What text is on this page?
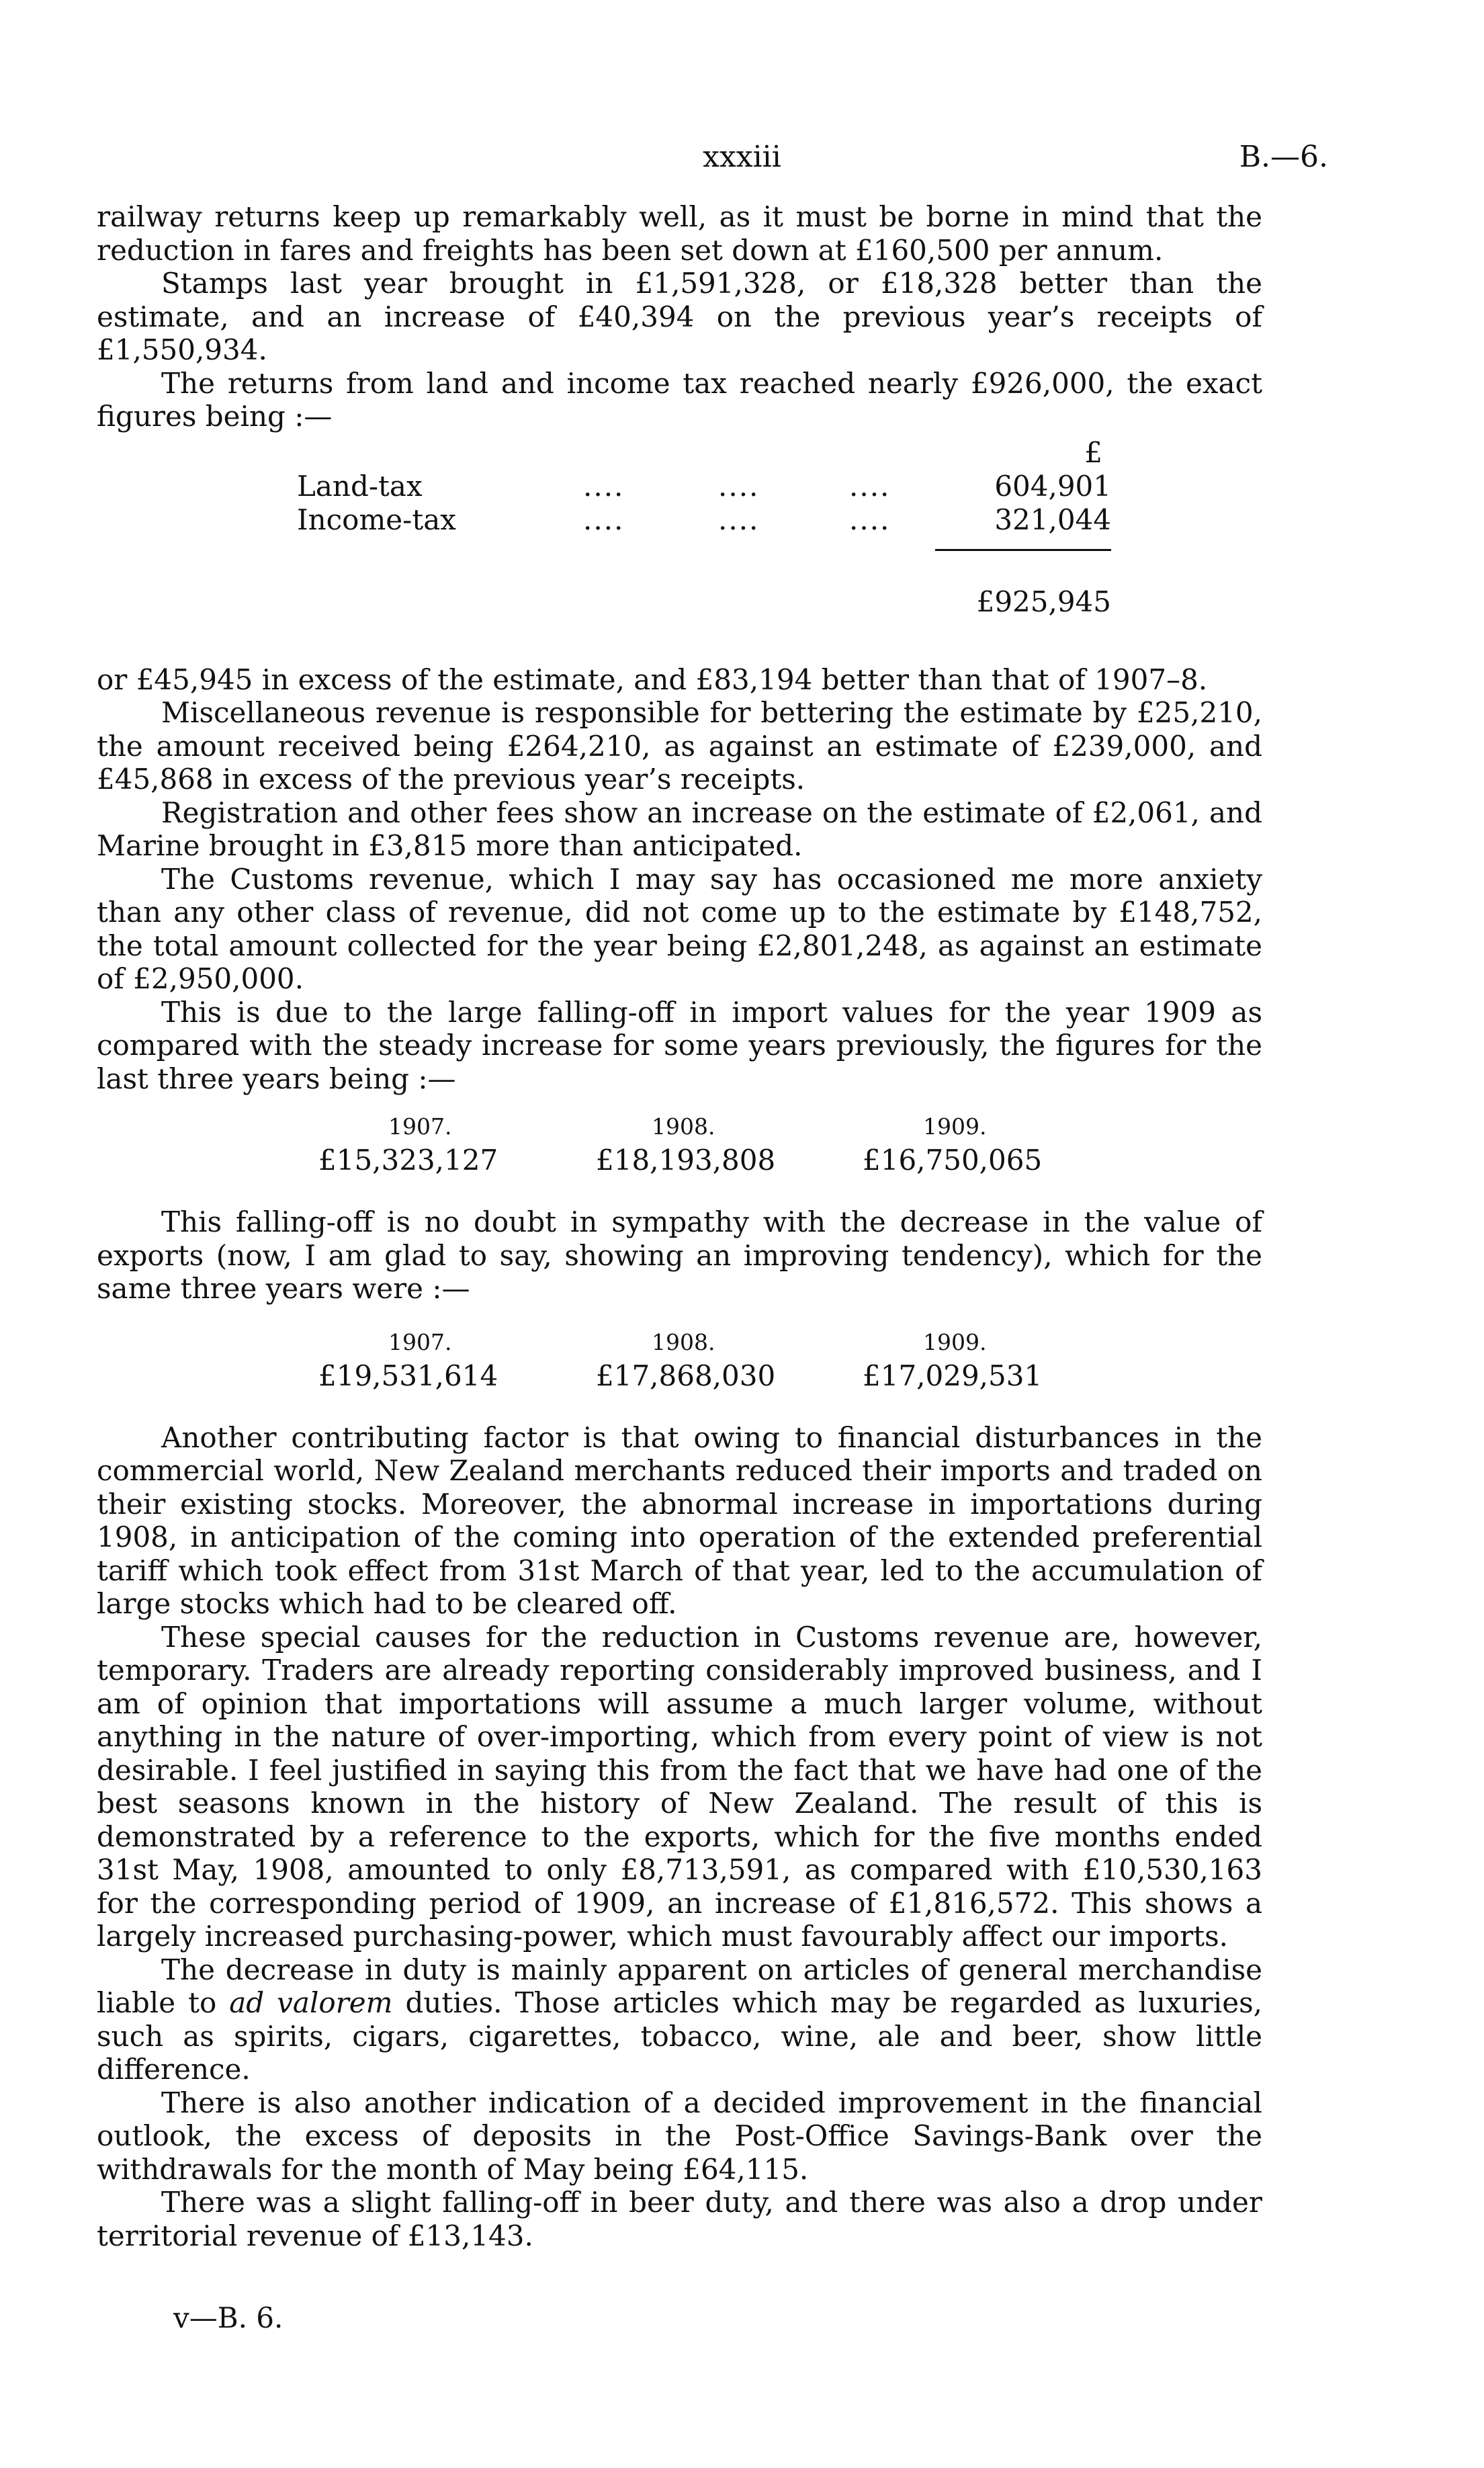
xxxiii	B.—6.

railway returns keep up remarkably well, as it must be borne in mind that the reduction in fares and freights has been set down at £160,500 per annum.

Stamps last year brought in £1,591,328, or £18,328 better than the estimate, and an increase of £40,394 on the previous year’s receipts of £1,550,934.

The returns from land and income tax reached nearly £926,000, the exact figures being :—

£
Land-tax	....	....	....	604,901
Income-tax	....	....	....	321,044
£925,945

or £45,945 in excess of the estimate, and £83,194 better than that of 1907–8.

Miscellaneous revenue is responsible for bettering the estimate by £25,210, the amount received being £264,210, as against an estimate of £239,000, and £45,868 in excess of the previous year’s receipts.

Registration and other fees show an increase on the estimate of £2,061, and Marine brought in £3,815 more than anticipated.

The Customs revenue, which I may say has occasioned me more anxiety than any other class of revenue, did not come up to the estimate by £148,752, the total amount collected for the year being £2,801,248, as against an estimate of £2,950,000.

This is due to the large falling-off in import values for the year 1909 as compared with the steady increase for some years previously, the figures for the last three years being :—

1907.	1908.	1909.
£15,323,127	£18,193,808	£16,750,065

This falling-off is no doubt in sympathy with the decrease in the value of exports (now, I am glad to say, showing an improving tendency), which for the same three years were :—

1907.	1908.	1909.
£19,531,614	£17,868,030	£17,029,531

Another contributing factor is that owing to financial disturbances in the commercial world, New Zealand merchants reduced their imports and traded on their existing stocks. Moreover, the abnormal increase in importations during 1908, in anticipation of the coming into operation of the extended preferential tariff which took effect from 31st March of that year, led to the accumulation of large stocks which had to be cleared off.

These special causes for the reduction in Customs revenue are, however, temporary. Traders are already reporting considerably improved business, and I am of opinion that importations will assume a much larger volume, without anything in the nature of over-importing, which from every point of view is not desirable. I feel justified in saying this from the fact that we have had one of the best seasons known in the history of New Zealand. The result of this is demonstrated by a reference to the exports, which for the five months ended 31st May, 1908, amounted to only £8,713,591, as compared with £10,530,163 for the corresponding period of 1909, an increase of £1,816,572. This shows a largely increased purchasing-power, which must favourably affect our imports.

The decrease in duty is mainly apparent on articles of general merchandise liable to ad valorem duties. Those articles which may be regarded as luxuries, such as spirits, cigars, cigarettes, tobacco, wine, ale and beer, show little difference.

There is also another indication of a decided improvement in the financial outlook, the excess of deposits in the Post-Office Savings-Bank over the withdrawals for the month of May being £64,115.

There was a slight falling-off in beer duty, and there was also a drop under territorial revenue of £13,143.

v—B. 6.
